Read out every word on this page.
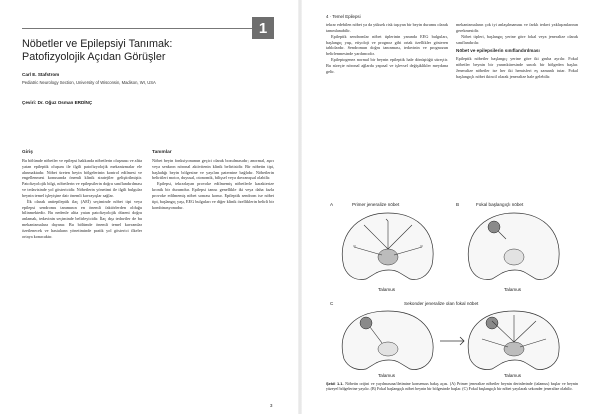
1
Nöbetler ve Epilepsiyi Tanımak:
Patofizyolojik Açıdan Görüşler
Carl E. Stafstrom
Pediatric Neurology Section, University of Wisconsin, Madison, WI, USA
Çeviri: Dr. Oğuz Osman ERDİNÇ
Giriş

Bu bölümde nöbetler ve epilepsi hakkında nöbetlerin oluşması ve altta yatan epileptik oluşum ile ilgili patofizyolojik mekanizmalar ele alınmaktadır. Nöbet üreten beyin bölgelerinin kontrol edilmesi ve engellenmesi konusunda önemli klinik stratejiler geliştirilmiştir. Patofizyolojik bilgi, nöbetlerin ve epilepsilerin doğru sınıflandırılması ve tedavisinde yol göstericidir. Nöbetlerin yönetimi ile ilgili bulgular beynin temel işleyişine dair önemli kavrayışlar sağlar.

İlk olarak antiepileptik ilaç (AEİ) seçiminde nöbet tipi veya epilepsi sendromu tanımının en önemli faktörlerden olduğu bilinmektedir. Bu nedenle altta yatan patofizyolojik düzeni doğru anlamak, tedavinin seçiminde belirleyicidir. İlaç dışı tedaviler de bu mekanizmalara dayanır. Bu bölümde önemli temel kavramlar özetlenecek ve hastaların yönetiminde pratik yol gösterici ilkeler ortaya konacaktır.

Tanımlar

Nöbet beyin fonksiyonunun geçici olarak bozulmasıdır; anormal, aşırı veya senkron nöronal aktivitenin klinik belirtisidir. Bir nöbetin tipi, başladığı beyin bölgesine ve yayılım paternine bağlıdır. Nöbetlerin belirtileri motor, duyusal, otonomik, bilişsel veya davranışsal olabilir.

Epilepsi, tekrarlayan provoke edilmemiş nöbetlerle karakterize kronik bir durumdur. Epilepsi tanısı genellikle iki veya daha fazla provoke edilmemiş nöbet sonrası konur. Epileptik sendrom ise nöbet tipi, başlangıç yaşı, EEG bulguları ve diğer klinik özelliklerin belirli bir kombinasyonudur.

3
4 · Temel Epilepsi

tekrar edebilen nöbet ya da yüksek risk taşıyan bir beyin durumu olarak tanımlanabilir.

Epileptik sendromlar nöbet tiplerinin yanında EEG bulguları, başlangıç yaşı, etiyoloji ve prognoz gibi ortak özellikler gösteren tablolardır. Sendromun doğru tanınması, tedavinin ve prognozun belirlenmesinde yardımcıdır.

Epileptogenez normal bir beynin epileptik hale dönüştüğü süreçtir. Bu süreçte nöronal ağlarda yapısal ve işlevsel değişiklikler meydana gelir.

mekanizmaların çok iyi anlaşılmaması ve farklı tedavi yaklaşımlarının gerekmesidir.

Nöbet tipleri, başlangıç yerine göre fokal veya jeneralize olarak sınıflandırılır.

Nöbet ve epilepsilerin sınıflandırılması

Epileptik nöbetler başlangıç yerine göre iki gruba ayrılır. Fokal nöbetler beynin bir yarımküresinde sınırlı bir bölgeden başlar. Jeneralize nöbetler ise her iki hemisferi eş zamanlı tutar. Fokal başlangıçlı nöbet ikincil olarak jeneralize hale gelebilir.

A	Primer jeneralize nöbet
Talamus
B	Fokal başlangıçlı nöbet
Talamus
C	Sekonder jeneralize olan fokal nöbet
Talamus	Talamus
Şekil 1.1. Nöbetin orijini ve yayılmasına/iletimine konsensus bakış açısı. (A) Primer jeneralize nöbetler beynin derinlerinde (talamus) başlar ve beynin yüzeyel bölgelerine yayılır. (B) Fokal başlangıçlı nöbet beynin bir bölgesinde başlar. (C) Fokal başlangıçlı bir nöbet yayılarak sekonder jeneralize olabilir.
